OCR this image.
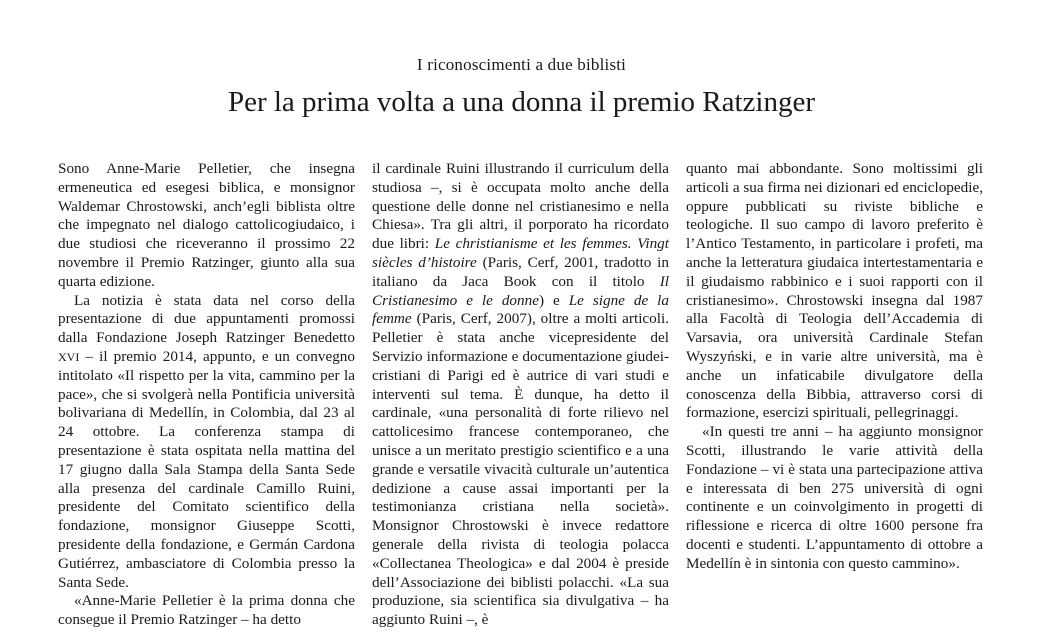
I riconoscimenti a due biblisti
Per la prima volta a una donna il premio Ratzinger

Sono Anne-Marie Pelletier, che insegna ermeneutica ed esegesi biblica, e monsignor Waldemar Chrostowski, anch’egli biblista oltre che impegnato nel dialogo cattolicogiudaico, i due studiosi che riceveranno il prossimo 22 novembre il Premio Ratzinger, giunto alla sua quarta edizione.

La notizia è stata data nel corso della presentazione di due appuntamenti promossi dalla Fondazione Joseph Ratzinger Benedetto XVI – il premio 2014, appunto, e un convegno intitolato «Il rispetto per la vita, cammino per la pace», che si svolgerà nella Pontificia università bolivariana di Medellín, in Colombia, dal 23 al 24 ottobre. La conferenza stampa di presentazione è stata ospitata nella mattina del 17 giugno dalla Sala Stampa della Santa Sede alla presenza del cardinale Camillo Ruini, presidente del Comitato scientifico della fondazione, monsignor Giuseppe Scotti, presidente della fondazione, e Germán Cardona Gutiérrez, ambasciatore di Colombia presso la Santa Sede.

«Anne-Marie Pelletier è la prima donna che consegue il Premio Ratzinger – ha detto

il cardinale Ruini illustrando il curriculum della studiosa –, si è occupata molto anche della questione delle donne nel cristianesimo e nella Chiesa». Tra gli altri, il porporato ha ricordato due libri: Le christianisme et les femmes. Vingt siècles d’histoire (Paris, Cerf, 2001, tradotto in italiano da Jaca Book con il titolo Il Cristianesimo e le donne) e Le signe de la femme (Paris, Cerf, 2007), oltre a molti articoli. Pelletier è stata anche vicepresidente del Servizio informazione e documentazione giudei-cristiani di Parigi ed è autrice di vari studi e interventi sul tema. È dunque, ha detto il cardinale, «una personalità di forte rilievo nel cattolicesimo francese contemporaneo, che unisce a un meritato prestigio scientifico e a una grande e versatile vivacità culturale un’autentica dedizione a cause assai importanti per la testimonianza cristiana nella società». Monsignor Chrostowski è invece redattore generale della rivista di teologia polacca «Collectanea Theologica» e dal 2004 è preside dell’Associazione dei biblisti polacchi. «La sua produzione, sia scientifica sia divulgativa – ha aggiunto Ruini –, è

quanto mai abbondante. Sono moltissimi gli articoli a sua firma nei dizionari ed enciclopedie, oppure pubblicati su riviste bibliche e teologiche. Il suo campo di lavoro preferito è l’Antico Testamento, in particolare i profeti, ma anche la letteratura giudaica intertestamentaria e il giudaismo rabbinico e i suoi rapporti con il cristianesimo». Chrostowski insegna dal 1987 alla Facoltà di Teologia dell’Accademia di Varsavia, ora università Cardinale Stefan Wyszyński, e in varie altre università, ma è anche un infaticabile divulgatore della conoscenza della Bibbia, attraverso corsi di formazione, esercizi spirituali, pellegrinaggi.

«In questi tre anni – ha aggiunto monsignor Scotti, illustrando le varie attività della Fondazione – vi è stata una partecipazione attiva e interessata di ben 275 università di ogni continente e un coinvolgimento in progetti di riflessione e ricerca di oltre 1600 persone fra docenti e studenti. L’appuntamento di ottobre a Medellín è in sintonia con questo cammino».
